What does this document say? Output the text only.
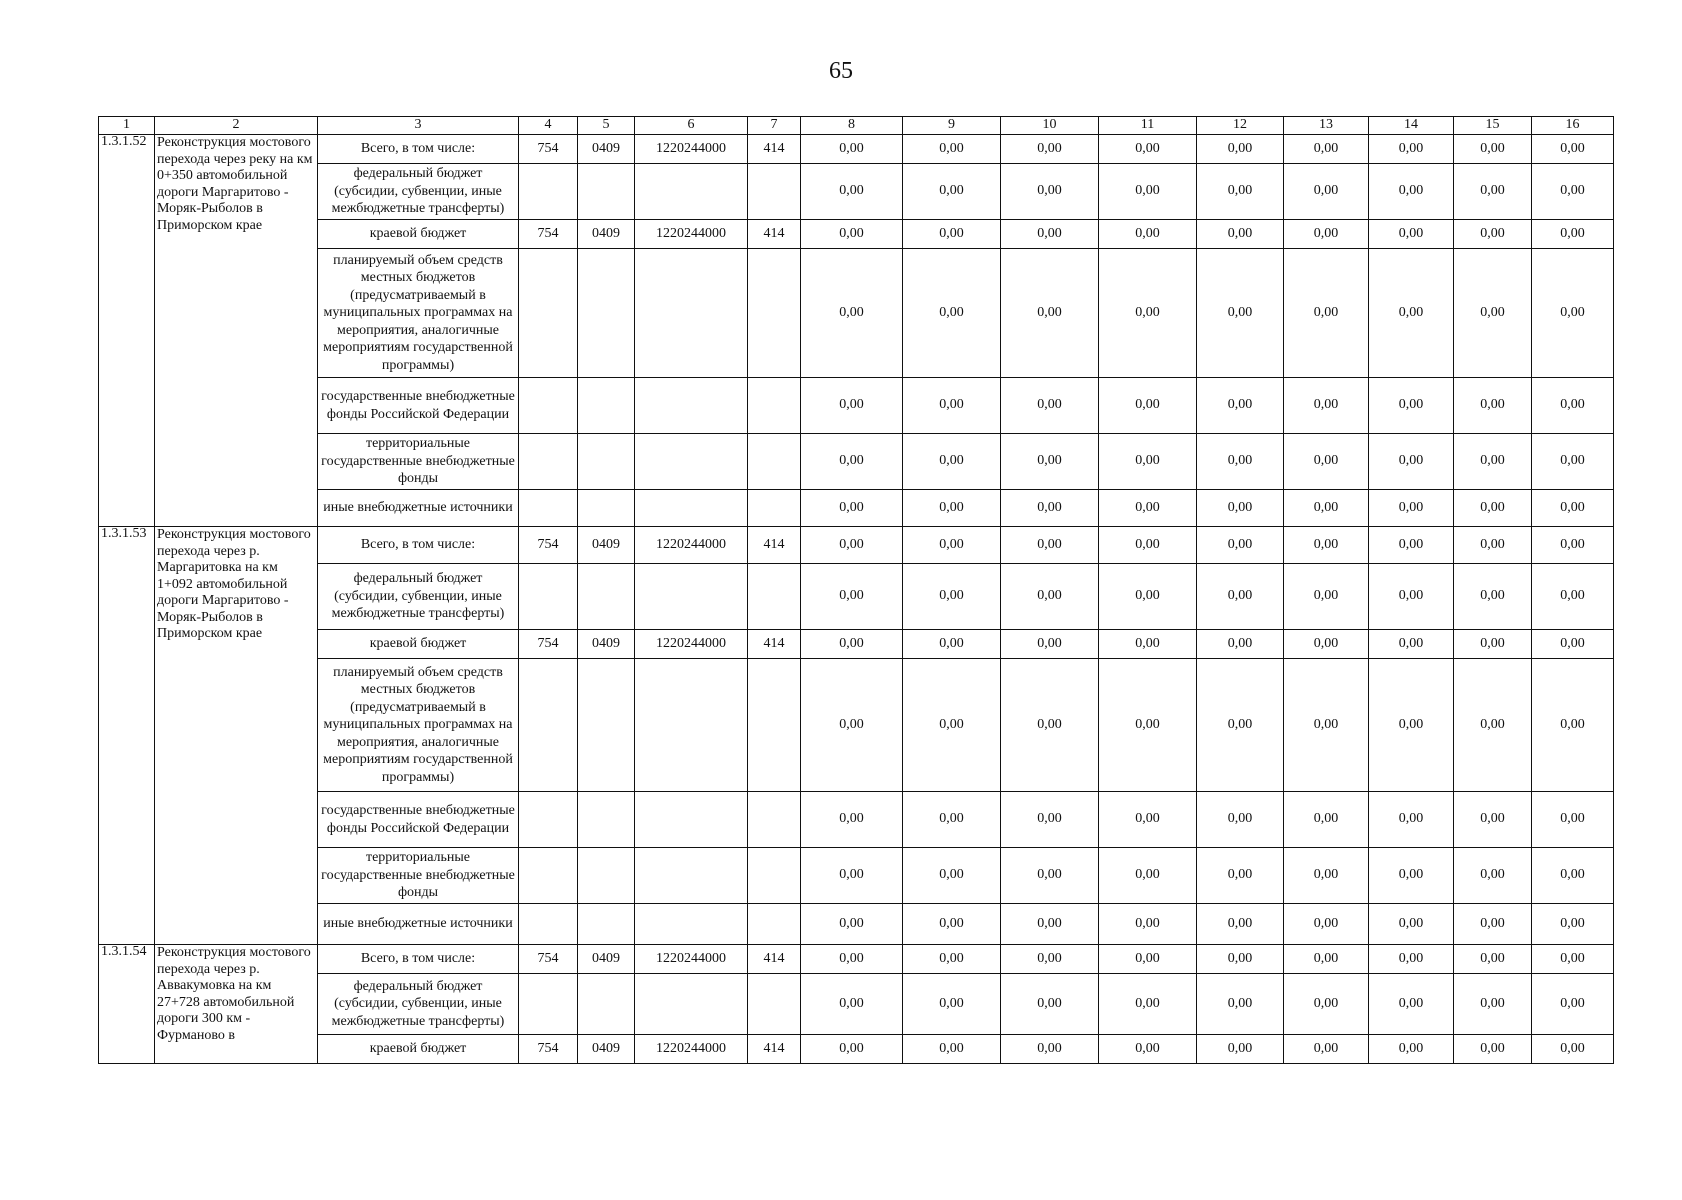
65
1	2	3	4	5	6	7	8	9	10	11	12	13	14	15	16
1.3.1.52	Реконструкция мостового перехода через реку на км 0+350 автомобильной дороги Маргаритово - Моряк-Рыболов в Приморском крае	Всего, в том числе:	754	0409	1220244000	414	0,00	0,00	0,00	0,00	0,00	0,00	0,00	0,00	0,00
		федеральный бюджет (субсидии, субвенции, иные межбюджетные трансферты)					0,00	0,00	0,00	0,00	0,00	0,00	0,00	0,00	0,00
		краевой бюджет	754	0409	1220244000	414	0,00	0,00	0,00	0,00	0,00	0,00	0,00	0,00	0,00
		планируемый объем средств местных бюджетов (предусматриваемый в муниципальных программах на мероприятия, аналогичные мероприятиям государственной программы)					0,00	0,00	0,00	0,00	0,00	0,00	0,00	0,00	0,00
		государственные внебюджетные фонды Российской Федерации					0,00	0,00	0,00	0,00	0,00	0,00	0,00	0,00	0,00
		территориальные государственные внебюджетные фонды					0,00	0,00	0,00	0,00	0,00	0,00	0,00	0,00	0,00
		иные внебюджетные источники					0,00	0,00	0,00	0,00	0,00	0,00	0,00	0,00	0,00
1.3.1.53	Реконструкция мостового перехода через р. Маргаритовка на км 1+092 автомобильной дороги Маргаритово - Моряк-Рыболов в Приморском крае	Всего, в том числе:	754	0409	1220244000	414	0,00	0,00	0,00	0,00	0,00	0,00	0,00	0,00	0,00
		федеральный бюджет (субсидии, субвенции, иные межбюджетные трансферты)					0,00	0,00	0,00	0,00	0,00	0,00	0,00	0,00	0,00
		краевой бюджет	754	0409	1220244000	414	0,00	0,00	0,00	0,00	0,00	0,00	0,00	0,00	0,00
		планируемый объем средств местных бюджетов (предусматриваемый в муниципальных программах на мероприятия, аналогичные мероприятиям государственной программы)					0,00	0,00	0,00	0,00	0,00	0,00	0,00	0,00	0,00
		государственные внебюджетные фонды Российской Федерации					0,00	0,00	0,00	0,00	0,00	0,00	0,00	0,00	0,00
		территориальные государственные внебюджетные фонды					0,00	0,00	0,00	0,00	0,00	0,00	0,00	0,00	0,00
		иные внебюджетные источники					0,00	0,00	0,00	0,00	0,00	0,00	0,00	0,00	0,00
1.3.1.54	Реконструкция мостового перехода через р. Аввакумовка на км 27+728 автомобильной дороги 300 км - Фурманово в	Всего, в том числе:	754	0409	1220244000	414	0,00	0,00	0,00	0,00	0,00	0,00	0,00	0,00	0,00
		федеральный бюджет (субсидии, субвенции, иные межбюджетные трансферты)					0,00	0,00	0,00	0,00	0,00	0,00	0,00	0,00	0,00
		краевой бюджет	754	0409	1220244000	414	0,00	0,00	0,00	0,00	0,00	0,00	0,00	0,00	0,00
